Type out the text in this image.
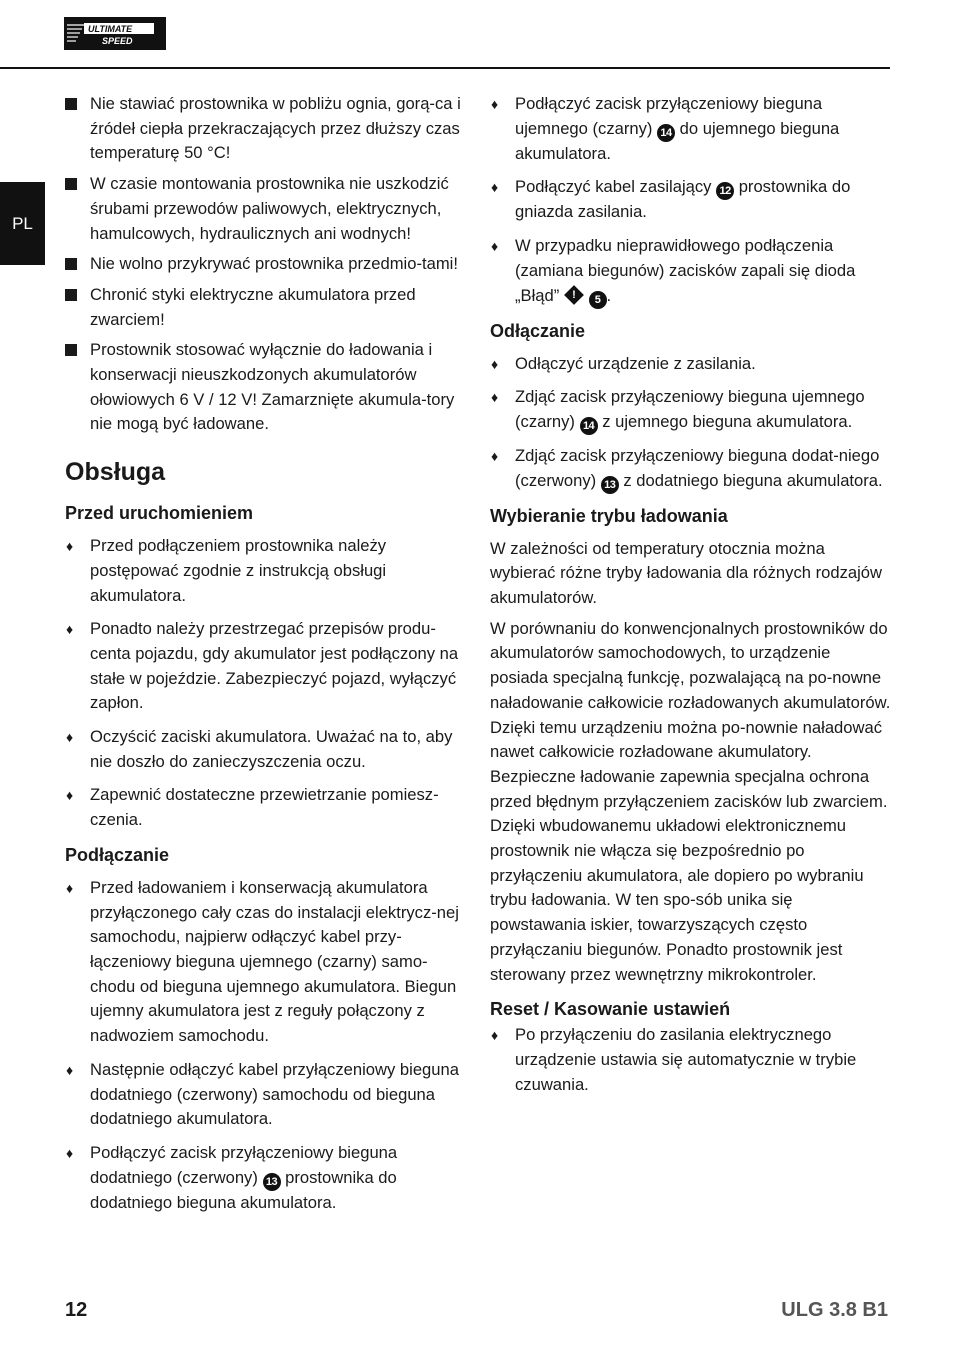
ULTIMATE
SPEED
PL
Nie stawiać prostownika w pobliżu ognia, gorą-ca i źródeł ciepła przekraczających przez dłuższy czas temperaturę 50 °C!
W czasie montowania prostownika nie uszkodzić śrubami przewodów paliwowych, elektrycznych, hamulcowych, hydraulicznych ani wodnych!
Nie wolno przykrywać prostownika przedmio-tami!
Chronić styki elektryczne akumulatora przed zwarciem!
Prostownik stosować wyłącznie do ładowania i konserwacji nieuszkodzonych akumulatorów ołowiowych 6 V / 12 V! Zamarznięte akumula-tory nie mogą być ładowane.
Obsługa
Przed uruchomieniem
♦ Przed podłączeniem prostownika należy postępować zgodnie z instrukcją obsługi akumulatora.
♦ Ponadto należy przestrzegać przepisów produ-centa pojazdu, gdy akumulator jest podłączony na stałe w pojeździe. Zabezpieczyć pojazd, wyłączyć zapłon.
♦ Oczyścić zaciski akumulatora. Uważać na to, aby nie doszło do zanieczyszczenia oczu.
♦ Zapewnić dostateczne przewietrzanie pomiesz-czenia.
Podłączanie
♦ Przed ładowaniem i konserwacją akumulatora przyłączonego cały czas do instalacji elektrycz-nej samochodu, najpierw odłączyć kabel przy-łączeniowy bieguna ujemnego (czarny) samo-chodu od bieguna ujemnego akumulatora. Biegun ujemny akumulatora jest z reguły połączony z nadwoziem samochodu.
♦ Następnie odłączyć kabel przyłączeniowy bieguna dodatniego (czerwony) samochodu od bieguna dodatniego akumulatora.
♦ Podłączyć zacisk przyłączeniowy bieguna dodatniego (czerwony) 13 prostownika do dodatniego bieguna akumulatora.
♦ Podłączyć zacisk przyłączeniowy bieguna ujemnego (czarny) 14 do ujemnego bieguna akumulatora.
♦ Podłączyć kabel zasilający 12 prostownika do gniazda zasilania.
♦ W przypadku nieprawidłowego podłączenia (zamiana biegunów) zacisków zapali się dioda „Błąd”	!	5 .
Odłączanie
♦ Odłączyć urządzenie z zasilania.
♦ Zdjąć zacisk przyłączeniowy bieguna ujemnego (czarny) 14 z ujemnego bieguna akumulatora.
♦ Zdjąć zacisk przyłączeniowy bieguna dodat-niego (czerwony) 13 z dodatniego bieguna akumulatora.
Wybieranie trybu ładowania

W zależności od temperatury otocznia można wybierać różne tryby ładowania dla różnych rodzajów akumulatorów.

W porównaniu do konwencjonalnych prostowników do akumulatorów samochodowych, to urządzenie posiada specjalną funkcję, pozwalającą na po-nowne naładowanie całkowicie rozładowanych akumulatorów. Dzięki temu urządzeniu można po-nownie naładować nawet całkowicie rozładowane akumulatory. Bezpieczne ładowanie zapewnia specjalna ochrona przed błędnym przyłączeniem zacisków lub zwarciem. Dzięki wbudowanemu układowi elektronicznemu prostownik nie włącza się bezpośrednio po przyłączeniu akumulatora, ale dopiero po wybraniu trybu ładowania. W ten spo-sób unika się powstawania iskier, towarzyszących często przyłączaniu biegunów. Ponadto prostownik jest sterowany przez wewnętrzny mikrokontroler.

Reset / Kasowanie ustawień
♦ Po przyłączeniu do zasilania elektrycznego urządzenie ustawia się automatycznie w trybie czuwania.
12	ULG 3.8 B1
